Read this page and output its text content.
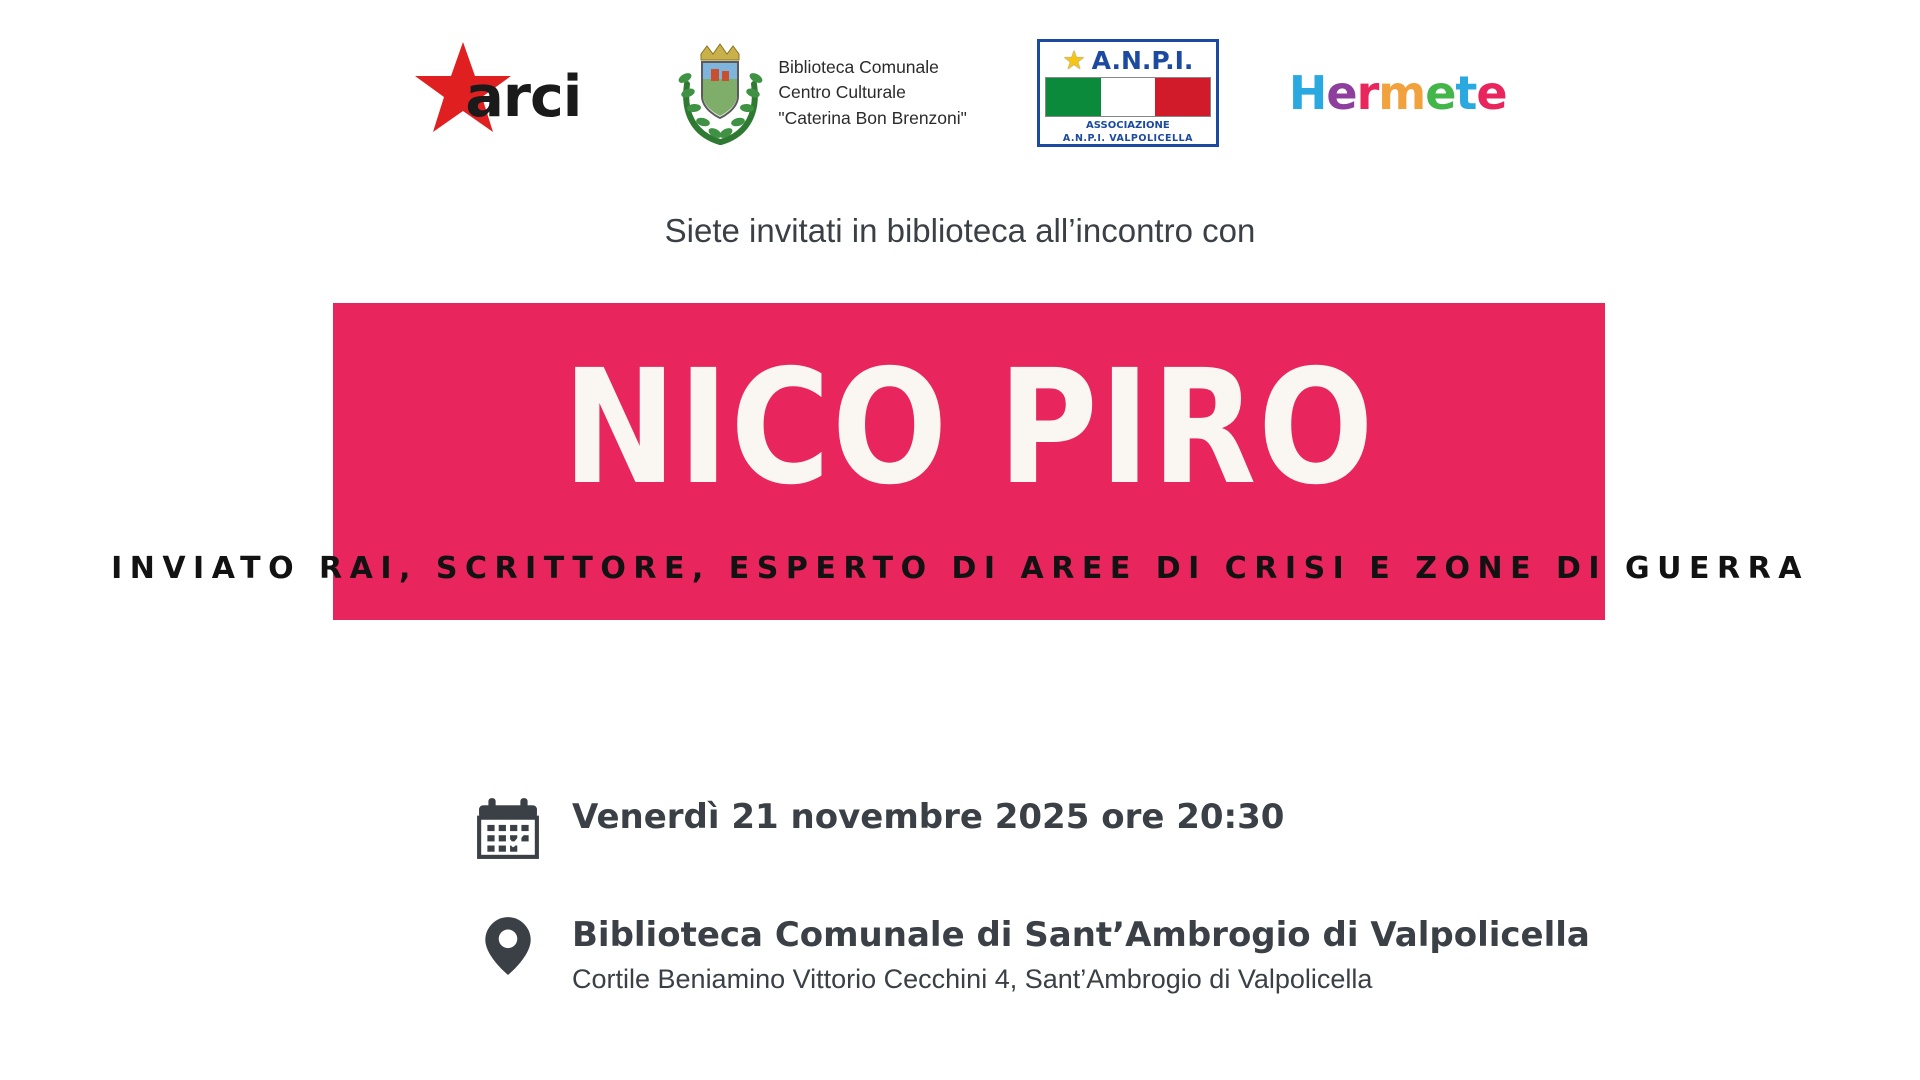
arci	Biblioteca Comunale
Centro Culturale
"Caterina Bon Brenzoni"
★ A.N.P.I.
ASSOCIAZIONE
A.N.P.I. VALPOLICELLA
Hermete
Siete invitati in biblioteca all’incontro con
NICO PIRO
INVIATO RAI, SCRITTORE, ESPERTO DI AREE DI CRISI E ZONE DI GUERRA
Venerdì 21 novembre 2025 ore 20:30
Biblioteca Comunale di Sant’Ambrogio di Valpolicella
Cortile Beniamino Vittorio Cecchini 4, Sant’Ambrogio di Valpolicella
